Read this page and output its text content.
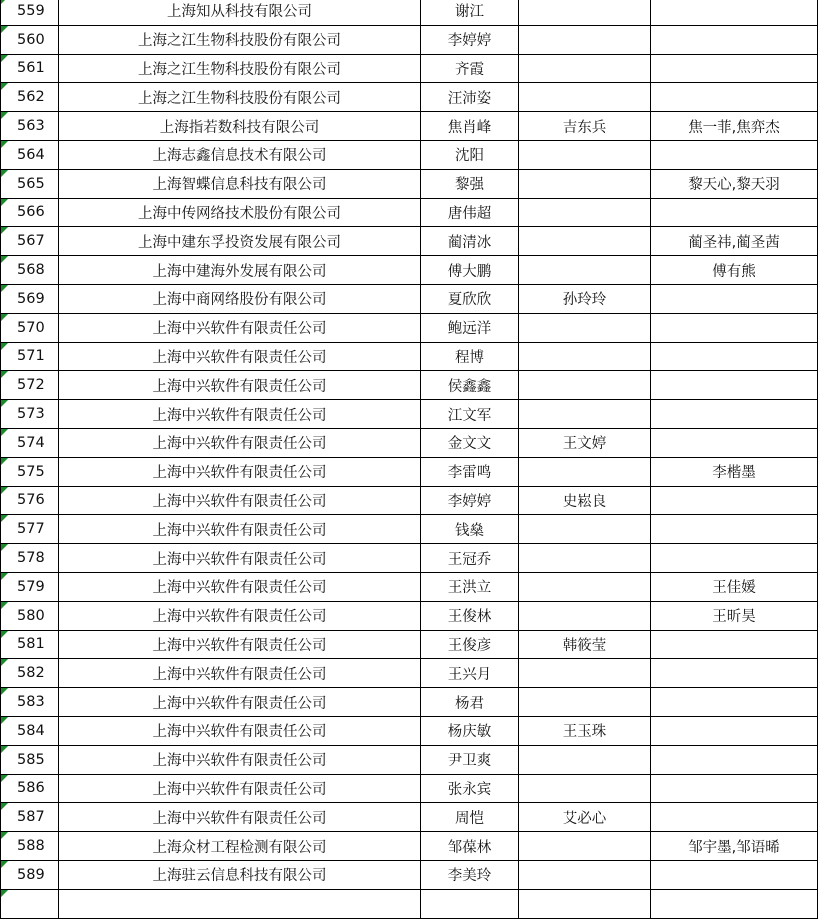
559	上海知从科技有限公司	谢江		
560	上海之江生物科技股份有限公司	李婷婷		
561	上海之江生物科技股份有限公司	齐霞		
562	上海之江生物科技股份有限公司	汪沛姿		
563	上海指若数科技有限公司	焦肖峰	吉东兵	焦一菲,焦弈杰
564	上海志鑫信息技术有限公司	沈阳		
565	上海智蝶信息科技有限公司	黎强		黎天心,黎天羽
566	上海中传网络技术股份有限公司	唐伟超		
567	上海中建东孚投资发展有限公司	蔺清冰		蔺圣祎,蔺圣茜
568	上海中建海外发展有限公司	傅大鹏		傅有熊
569	上海中商网络股份有限公司	夏欣欣	孙玲玲	
570	上海中兴软件有限责任公司	鲍远洋		
571	上海中兴软件有限责任公司	程博		
572	上海中兴软件有限责任公司	侯鑫鑫		
573	上海中兴软件有限责任公司	江文军		
574	上海中兴软件有限责任公司	金文文	王文婷	
575	上海中兴软件有限责任公司	李雷鸣		李楷墨
576	上海中兴软件有限责任公司	李婷婷	史崧良	
577	上海中兴软件有限责任公司	钱燊		
578	上海中兴软件有限责任公司	王冠乔		
579	上海中兴软件有限责任公司	王洪立		王佳媛
580	上海中兴软件有限责任公司	王俊林		王昕昊
581	上海中兴软件有限责任公司	王俊彦	韩筱莹	
582	上海中兴软件有限责任公司	王兴月		
583	上海中兴软件有限责任公司	杨君		
584	上海中兴软件有限责任公司	杨庆敏	王玉珠	
585	上海中兴软件有限责任公司	尹卫爽		
586	上海中兴软件有限责任公司	张永宾		
587	上海中兴软件有限责任公司	周恺	艾必心	
588	上海众材工程检测有限公司	邹葆林		邹宇墨,邹语晞
589	上海驻云信息科技有限公司	李美玲		
